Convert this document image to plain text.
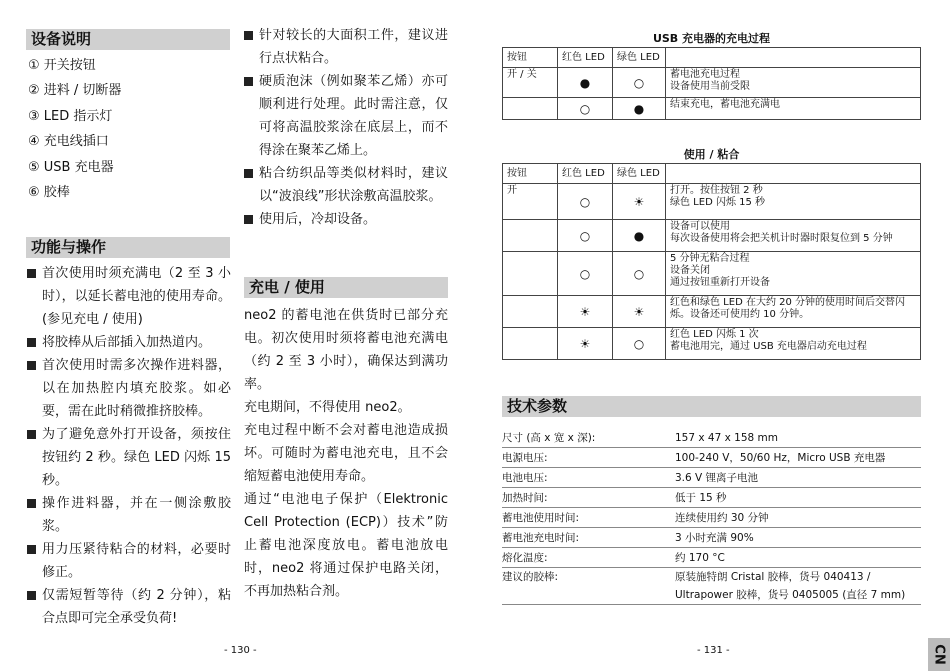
设备说明
① 开关按钮
② 进料 / 切断器
③ LED 指示灯
④ 充电线插口
⑤ USB 充电器
⑥ 胶棒
功能与操作
首次使用时须充满电（2 至 3 小时），以延长蓄电池的使用寿命。(参见充电 / 使用)
将胶棒从后部插入加热道内。
首次使用时需多次操作进料器，以在加热腔内填充胶浆。如必要，需在此时稍微推挤胶棒。
为了避免意外打开设备，须按住按钮约 2 秒。绿色 LED 闪烁 15 秒。
操作进料器，并在一侧涂敷胶浆。
用力压紧待粘合的材料，必要时修正。
仅需短暂等待（约 2 分钟），粘合点即可完全承受负荷!
针对较长的大面积工件，建议进行点状粘合。
硬质泡沫（例如聚苯乙烯）亦可顺利进行处理。此时需注意，仅可将高温胶浆涂在底层上，而不得涂在聚苯乙烯上。
粘合纺织品等类似材料时，建议以“波浪线”形状涂敷高温胶浆。
使用后，冷却设备。
充电 / 使用

neo2 的蓄电池在供货时已部分充电。初次使用时须将蓄电池充满电（约 2 至 3 小时），确保达到满功率。

充电期间，不得使用 neo2。

充电过程中断不会对蓄电池造成损坏。可随时为蓄电池充电，且不会缩短蓄电池使用寿命。

通过“电池电子保护（Elektronic Cell Protection (ECP)）技术”防止蓄电池深度放电。蓄电池放电时，neo2 将通过保护电路关闭，不再加热粘合剂。

- 130 -
USB 充电器的充电过程
按钮	红色 LED	绿色 LED	
开 / 关	●	○	蓄电池充电过程
设备使用当前受限
	○	●	结束充电，蓄电池充满电
使用 / 粘合
按钮	红色 LED	绿色 LED	
开	○	☀	打开。按住按钮 2 秒
绿色 LED 闪烁 15 秒
	○	●	设备可以使用
每次设备使用将会把关机计时器时限复位到 5 分钟
	○	○	5 分钟无粘合过程
设备关闭
通过按钮重新打开设备
	☀	☀	红色和绿色 LED 在大约 20 分钟的使用时间后交替闪烁。设备还可使用约 10 分钟。
	☀	○	红色 LED 闪烁 1 次
蓄电池用完，通过 USB 充电器启动充电过程
技术参数
尺寸 (高 x 宽 x 深):	157 x 47 x 158 mm
电源电压:	100-240 V，50/60 Hz，Micro USB 充电器
电池电压:	3.6 V 锂离子电池
加热时间:	低于 15 秒
蓄电池使用时间:	连续使用约 30 分钟
蓄电池充电时间:	3 小时充满 90%
熔化温度:	约 170 °C
建议的胶棒:	原装施特朗 Cristal 胶棒，货号 040413 / Ultrapower 胶棒，货号 0405005 (直径 7 mm)
- 131 -	CN
